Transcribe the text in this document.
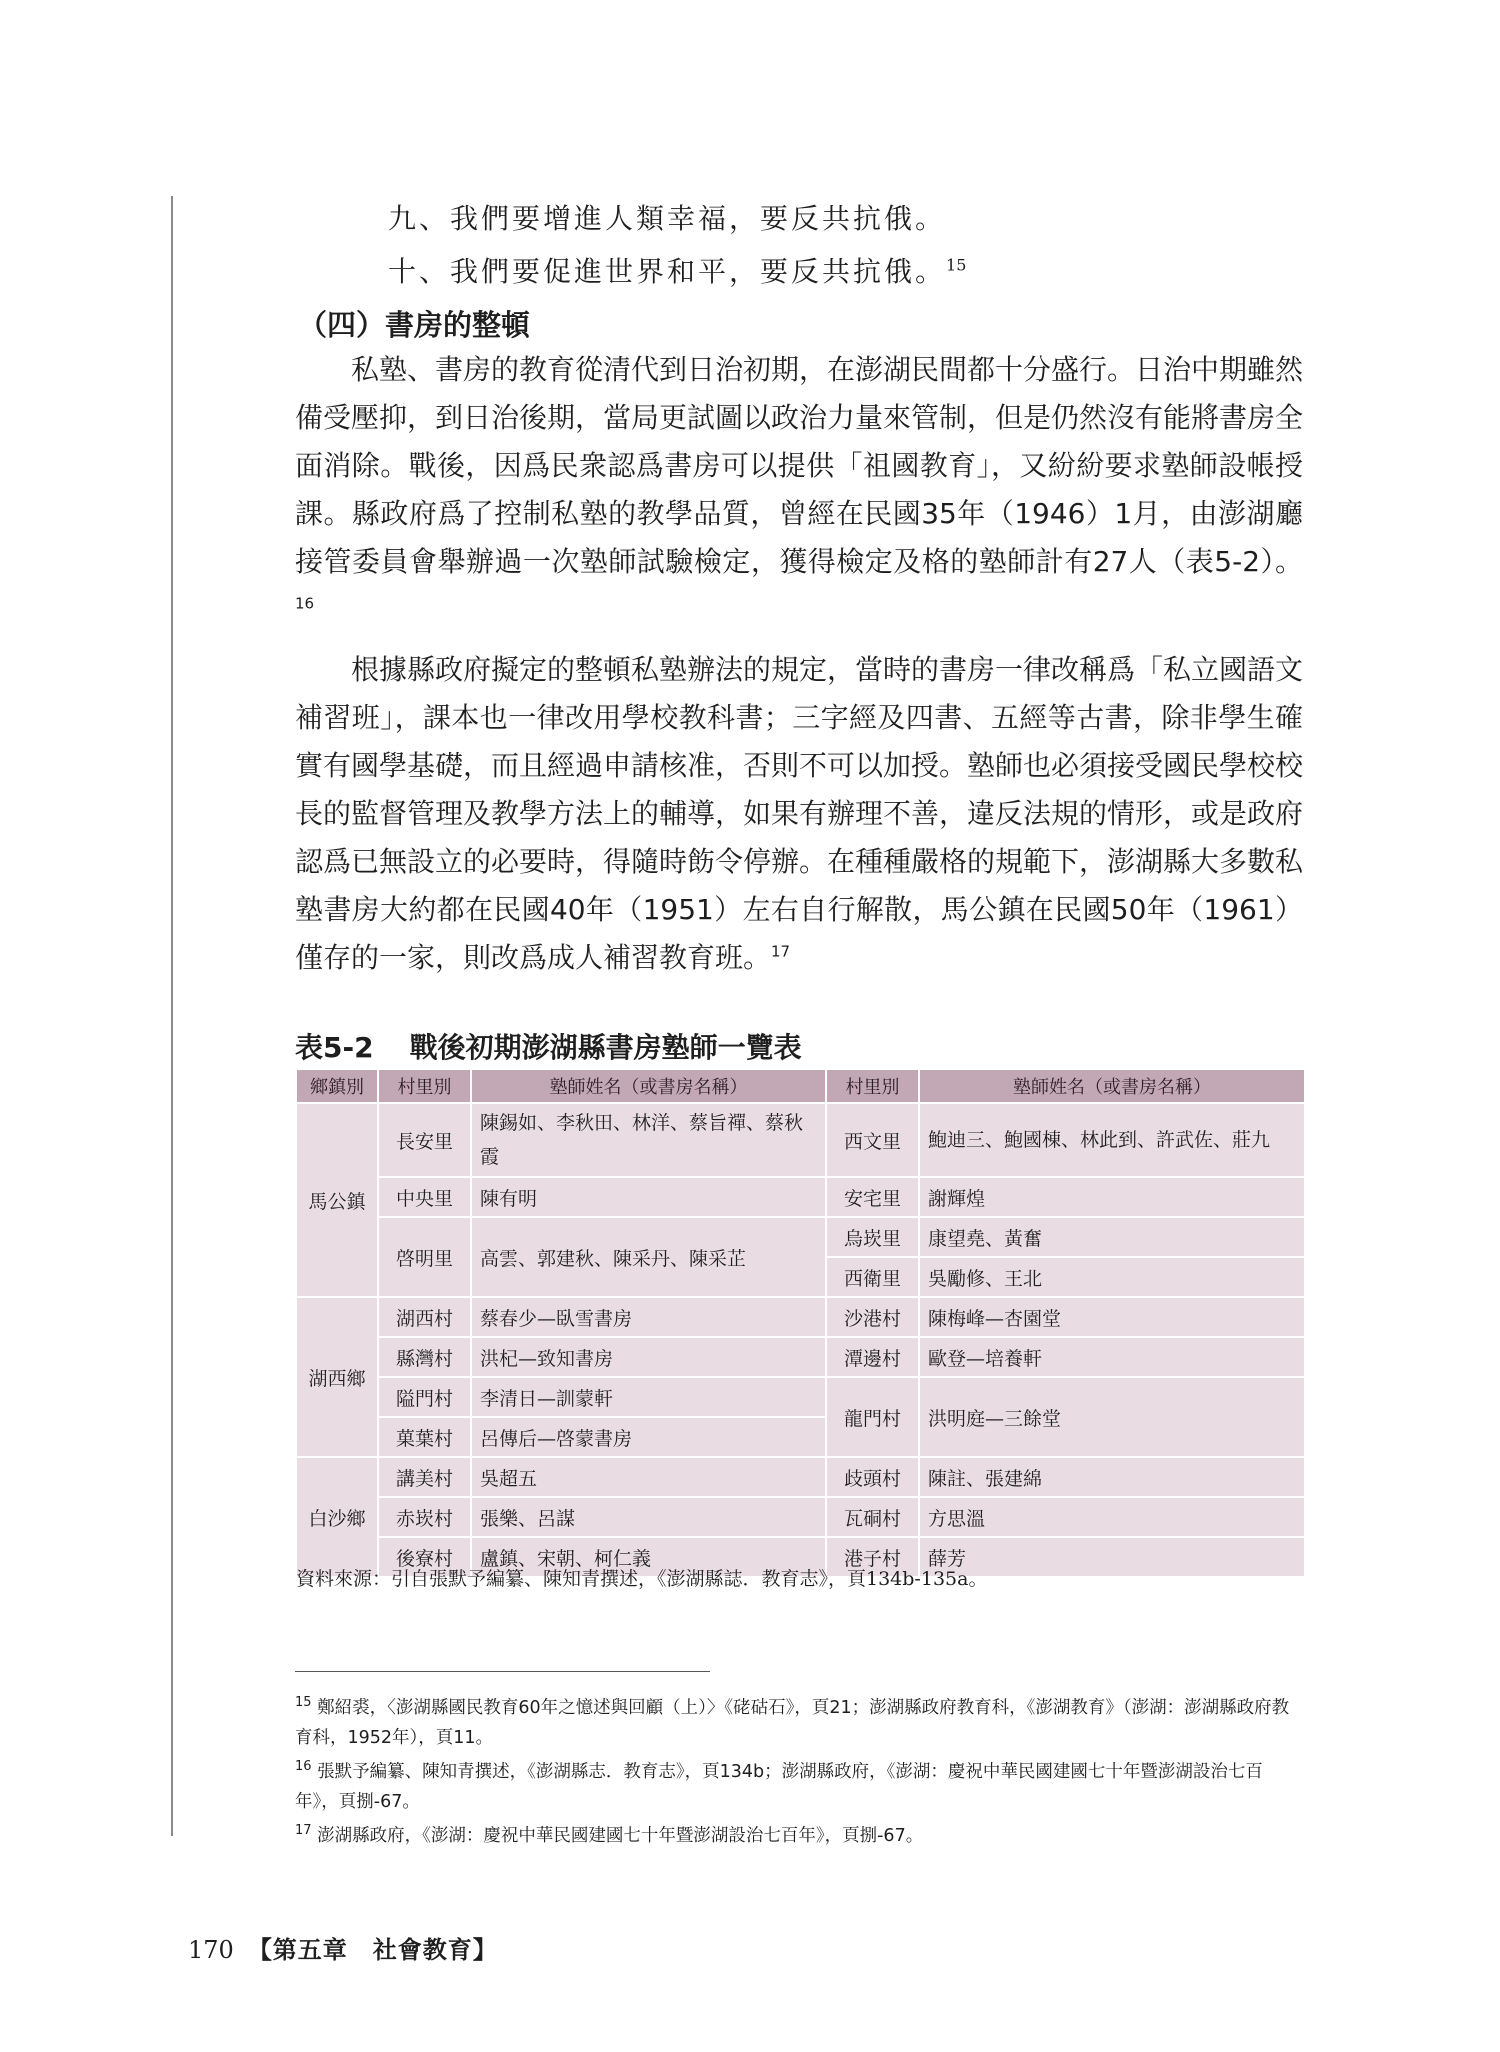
九、我們要增進人類幸福，要反共抗俄。
十、我們要促進世界和平，要反共抗俄。$^{15}$
（四）書房的整頓
私塾、書房的教育從清代到日治初期，在澎湖民間都十分盛行。日治中期雖然備受壓抑，到日治後期，當局更試圖以政治力量來管制，但是仍然沒有能將書房全面消除。戰後，因爲民衆認爲書房可以提供「祖國教育」，又紛紛要求塾師設帳授課。縣政府爲了控制私塾的教學品質，曾經在民國35年（1946）1月，由澎湖廳接管委員會舉辦過一次塾師試驗檢定，獲得檢定及格的塾師計有27人（表5-2）。$^{16}$
根據縣政府擬定的整頓私塾辦法的規定，當時的書房一律改稱爲「私立國語文補習班」，課本也一律改用學校教科書；三字經及四書、五經等古書，除非學生確實有國學基礎，而且經過申請核准，否則不可以加授。塾師也必須接受國民學校校長的監督管理及教學方法上的輔導，如果有辦理不善，違反法規的情形，或是政府認爲已無設立的必要時，得隨時飭令停辦。在種種嚴格的規範下，澎湖縣大多數私塾書房大約都在民國40年（1951）左右自行解散，馬公鎮在民國50年（1961）僅存的一家，則改爲成人補習教育班。$^{17}$
表5-2 戰後初期澎湖縣書房塾師一覽表
鄉鎮別	村里別	塾師姓名（或書房名稱）	村里別	塾師姓名（或書房名稱）
馬公鎮	長安里	陳錫如、李秋田、林洋、蔡旨禪、蔡秋霞	西文里	鮑迪三、鮑國棟、林此到、許武佐、莊九
	中央里	陳有明	安宅里	謝輝煌
	啓明里	高雲、郭建秋、陳采丹、陳采芷	烏崁里	康望堯、黃奮
			西衛里	吳勵修、王北
湖西鄉	湖西村	蔡春少—臥雪書房	沙港村	陳梅峰—杏園堂
	縣灣村	洪杞—致知書房	潭邊村	歐登—培養軒
	隘門村	李清日—訓蒙軒	龍門村	洪明庭—三餘堂
	菓葉村	呂傳后—啓蒙書房		
白沙鄉	講美村	吳超五	歧頭村	陳註、張建綿
	赤崁村	張樂、呂謀	瓦硐村	方思溫
	後寮村	盧鎮、宋朝、柯仁義	港子村	薛芳
資料來源：引自張默予編纂、陳知青撰述，《澎湖縣誌．教育志》，頁134b-135a。
$^{15}$ 鄭紹裘，〈澎湖縣國民教育60年之憶述與回顧（上）〉《硓𥑮石》，頁21；澎湖縣政府教育科，《澎湖教育》（澎湖：澎湖縣政府教育科，1952年），頁11。
$^{16}$ 張默予編纂、陳知青撰述，《澎湖縣志．教育志》，頁134b；澎湖縣政府，《澎湖：慶祝中華民國建國七十年暨澎湖設治七百年》，頁捌-67。
$^{17}$ 澎湖縣政府，《澎湖：慶祝中華民國建國七十年暨澎湖設治七百年》，頁捌-67。
170 【第五章　社會教育】
